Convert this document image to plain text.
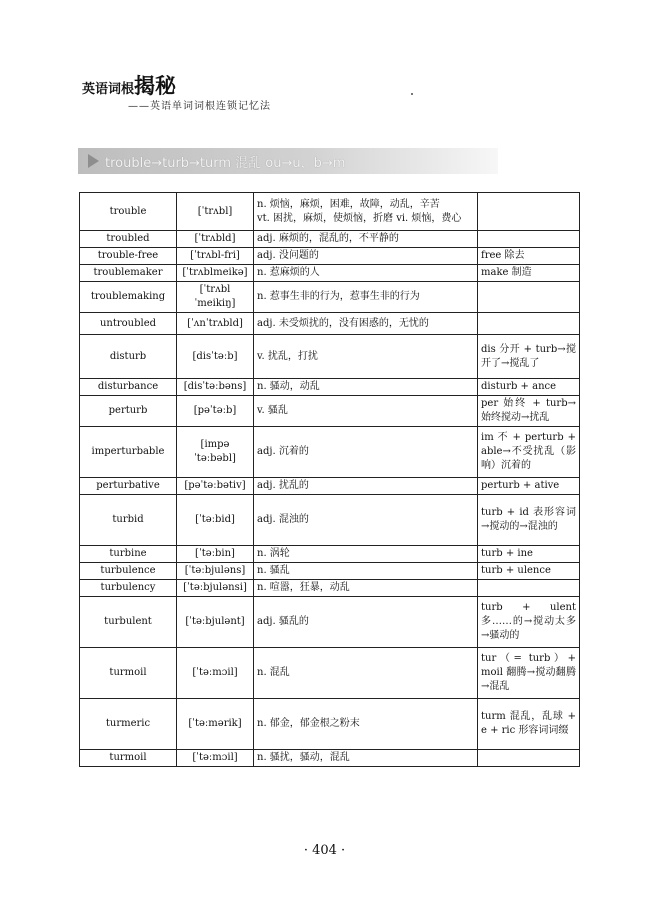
英语词根揭秘
——英语单词词根连锁记忆法
trouble→turb→turm 混乱 ou→u，b→m
trouble	[ˈtrʌbl]	n. 烦恼，麻烦，困难，故障，动乱，辛苦
vt. 困扰，麻烦，使烦恼，折磨 vi. 烦恼，费心	
troubled	[ˈtrʌbld]	adj. 麻烦的，混乱的，不平静的	
trouble-free	[ˈtrʌbl-fri]	adj. 没问题的	free 除去
troublemaker	[ˈtrʌblmeikə]	n. 惹麻烦的人	make 制造
troublemaking	[ˈtrʌblˈmeikiŋ]	n. 惹事生非的行为，惹事生非的行为	
untroubled	[ˈʌnˈtrʌbld]	adj. 未受烦扰的，没有困惑的，无忧的	
disturb	[disˈtəːb]	v. 扰乱，打扰	dis 分开 + turb→搅开了→搅乱了
disturbance	[disˈtəːbəns]	n. 骚动，动乱	disturb + ance
perturb	[pəˈtəːb]	v. 骚乱	per 始终 + turb→始终搅动→扰乱
imperturbable	[impəˈtəːbəbl]	adj. 沉着的	im 不 + perturb + able→不受扰乱（影响）沉着的
perturbative	[pəˈtəːbətiv]	adj. 扰乱的	perturb + ative
turbid	[ˈtəːbid]	adj. 混浊的	turb + id 表形容词→搅动的→混浊的
turbine	[ˈtəːbin]	n. 涡轮	turb + ine
turbulence	[ˈtəːbjuləns]	n. 骚乱	turb + ulence
turbulency	[ˈtəːbjulənsi]	n. 喧嚣，狂暴，动乱	
turbulent	[ˈtəːbjulənt]	adj. 骚乱的	turb + ulent 多……的→搅动太多→骚动的
turmoil	[ˈtəːmɔil]	n. 混乱	tur（= turb）+ moil 翻腾→搅动翻腾→混乱
turmeric	[ˈtəːmərik]	n. 郁金，郁金根之粉末	turm 混乱，乱球 + e + ric 形容词词缀
turmoil	[ˈtəːmɔil]	n. 骚扰，骚动，混乱	
· 404 ·
